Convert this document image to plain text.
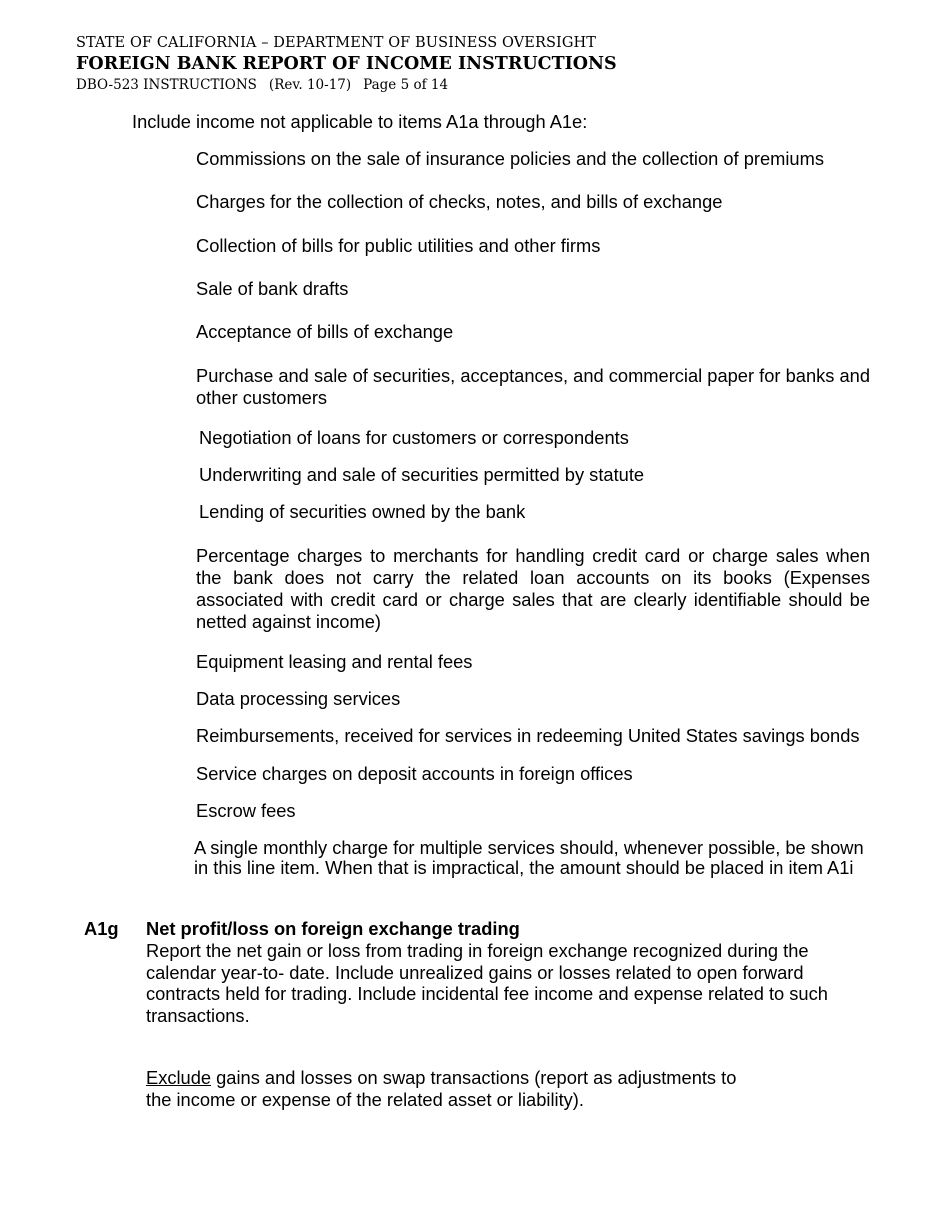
STATE OF CALIFORNIA – DEPARTMENT OF BUSINESS OVERSIGHT
FOREIGN BANK REPORT OF INCOME INSTRUCTIONS
DBO-523 INSTRUCTIONS (Rev. 10-17) Page 5 of 14
Include income not applicable to items A1a through A1e:
Commissions on the sale of insurance policies and the collection of premiums
Charges for the collection of checks, notes, and bills of exchange
Collection of bills for public utilities and other firms
Sale of bank drafts
Acceptance of bills of exchange
Purchase and sale of securities, acceptances, and commercial paper for banks and other customers
Negotiation of loans for customers or correspondents
Underwriting and sale of securities permitted by statute
Lending of securities owned by the bank
Percentage charges to merchants for handling credit card or charge sales when the bank does not carry the related loan accounts on its books (Expenses associated with credit card or charge sales that are clearly identifiable should be netted against income)
Equipment leasing and rental fees
Data processing services
Reimbursements, received for services in redeeming United States savings bonds
Service charges on deposit accounts in foreign offices
Escrow fees
A single monthly charge for multiple services should, whenever possible, be shown in this line item. When that is impractical, the amount should be placed in item A1i
A1g Net profit/loss on foreign exchange trading
Report the net gain or loss from trading in foreign exchange recognized during the calendar year-to- date. Include unrealized gains or losses related to open forward contracts held for trading. Include incidental fee income and expense related to such transactions.
Exclude gains and losses on swap transactions (report as adjustments to the income or expense of the related asset or liability).
